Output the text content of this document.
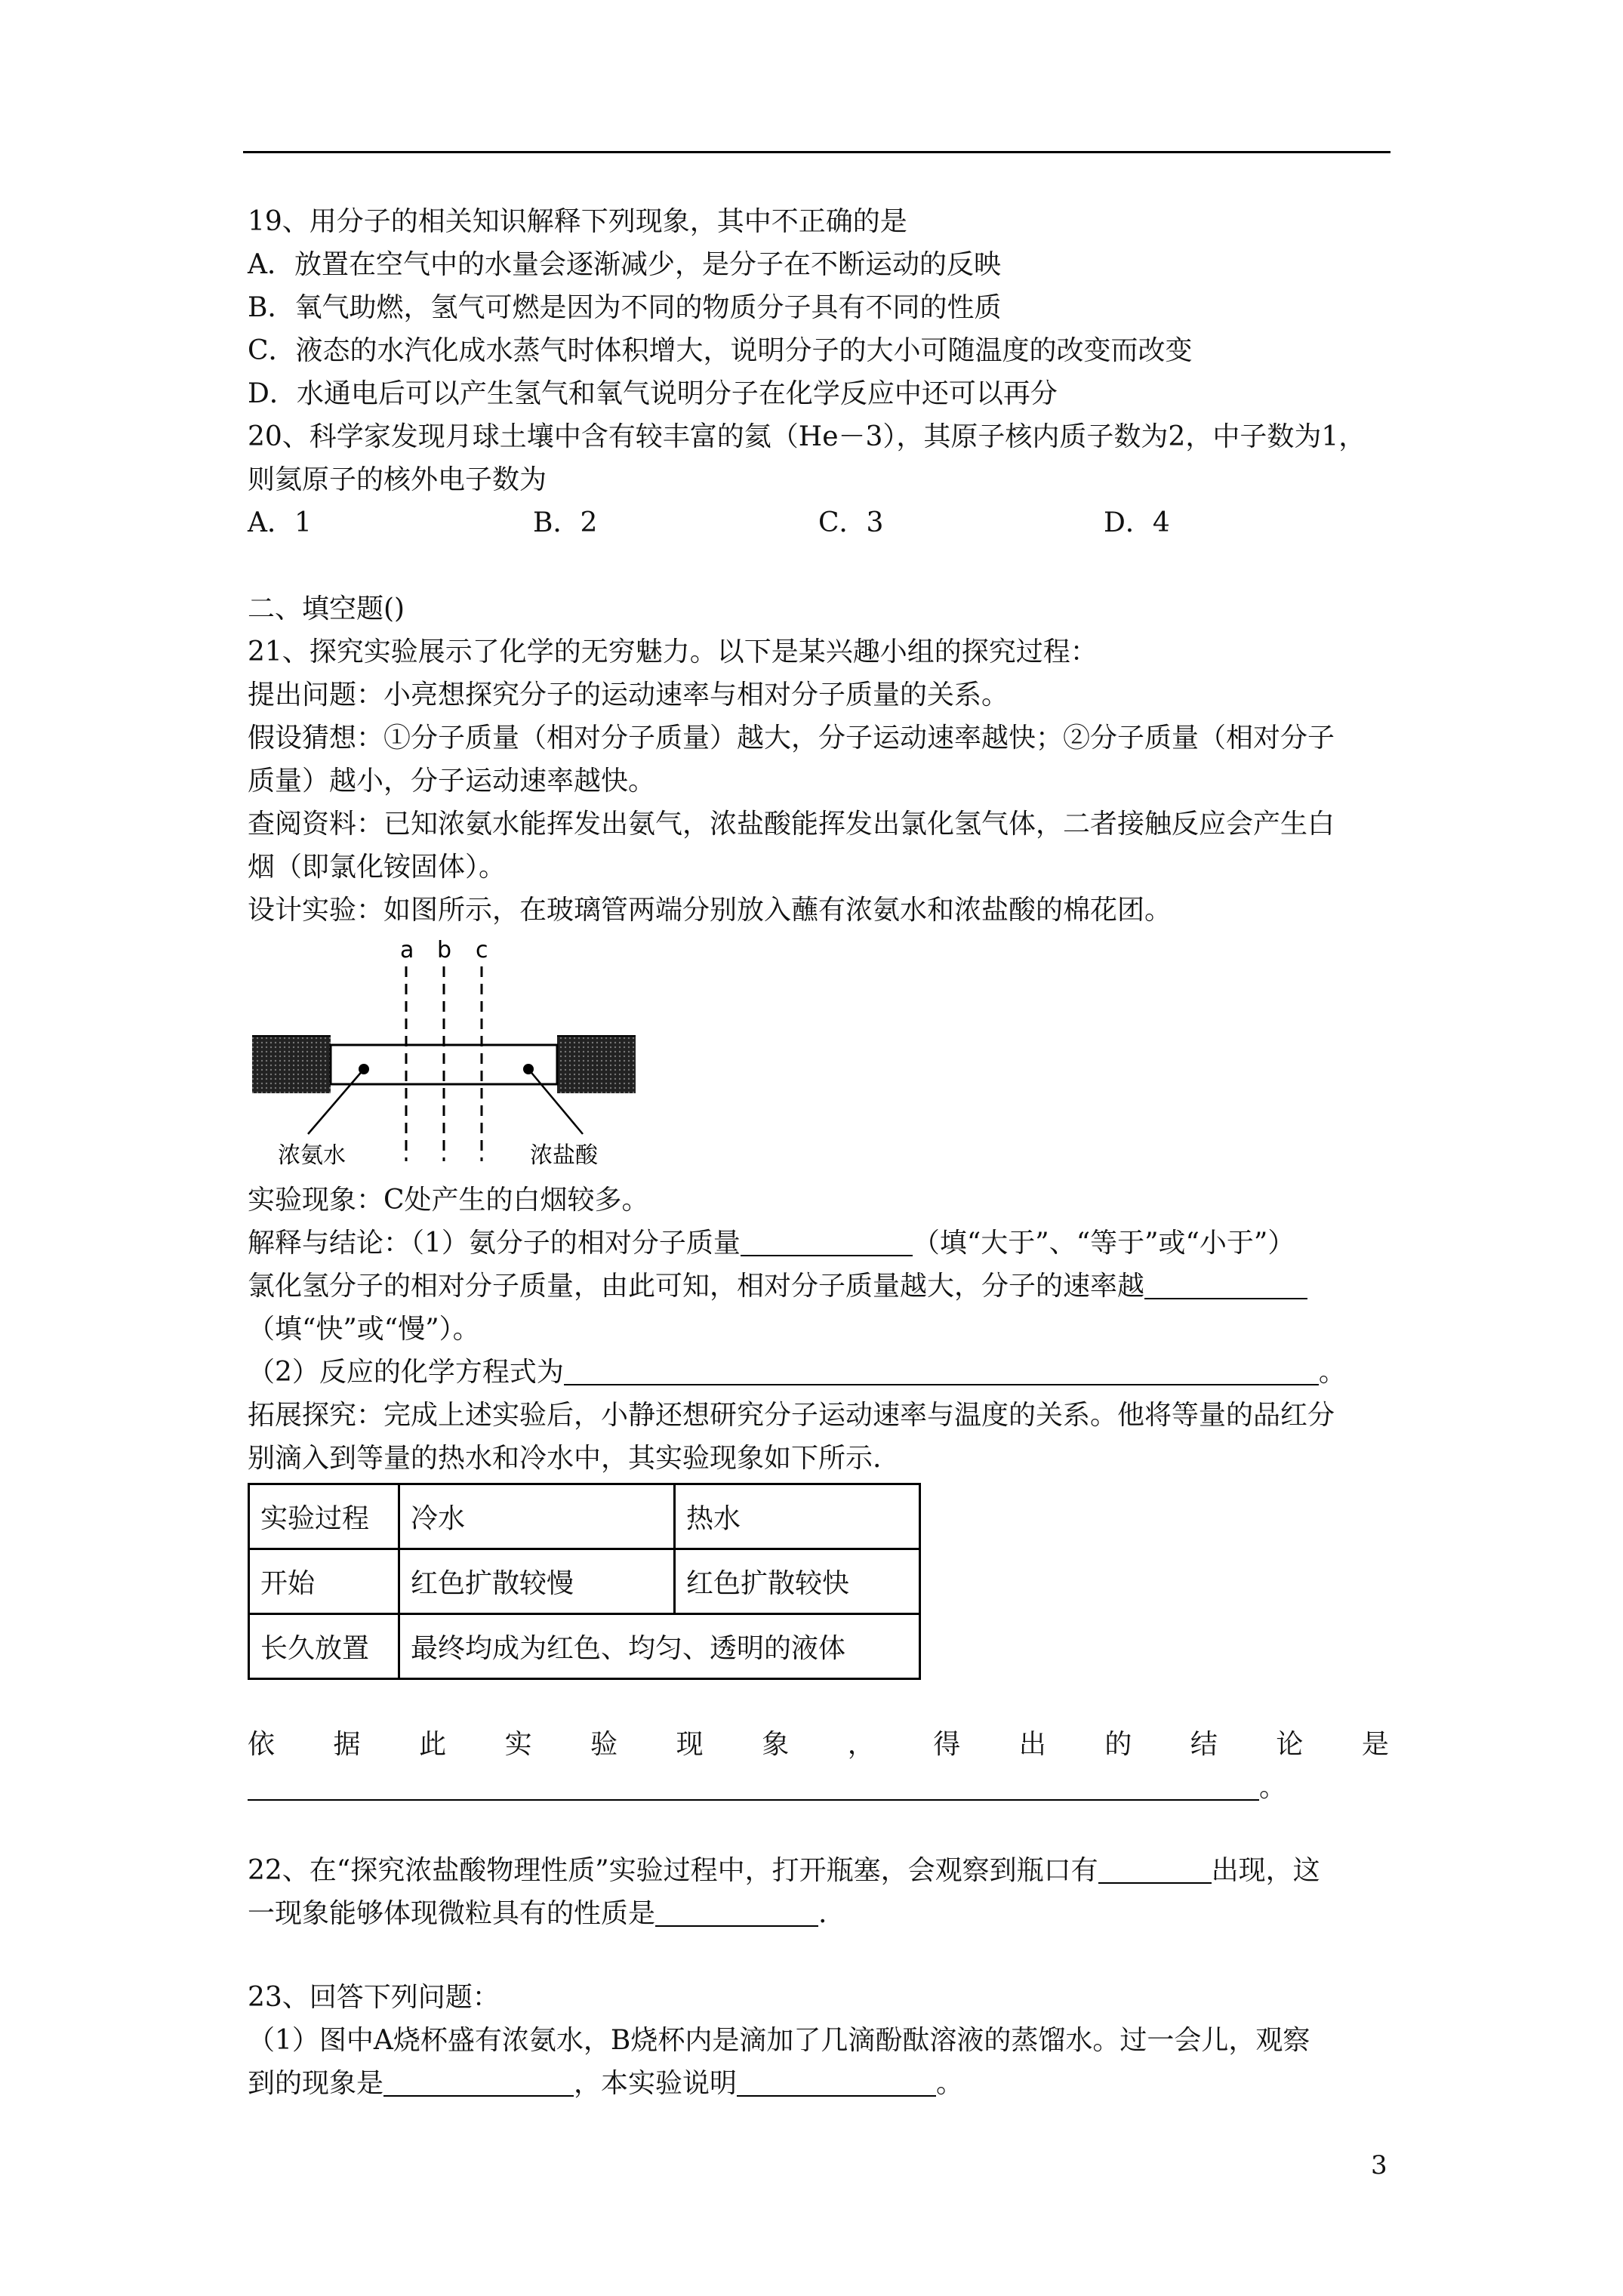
19、用分子的相关知识解释下列现象，其中不正确的是
A．放置在空气中的水量会逐渐减少，是分子在不断运动的反映
B．氧气助燃，氢气可燃是因为不同的物质分子具有不同的性质
C．液态的水汽化成水蒸气时体积增大，说明分子的大小可随温度的改变而改变
D．水通电后可以产生氢气和氧气说明分子在化学反应中还可以再分
20、科学家发现月球土壤中含有较丰富的氦（He－3），其原子核内质子数为2，中子数为1，
则氦原子的核外电子数为
A．1	B．2	C．3	D．4
二、填空题()
21、探究实验展示了化学的无穷魅力。以下是某兴趣小组的探究过程：
提出问题：小亮想探究分子的运动速率与相对分子质量的关系。
假设猜想：①分子质量（相对分子质量）越大，分子运动速率越快；②分子质量（相对分子
质量）越小，分子运动速率越快。
查阅资料：已知浓氨水能挥发出氨气，浓盐酸能挥发出氯化氢气体，二者接触反应会产生白
烟（即氯化铵固体）。
设计实验：如图所示，在玻璃管两端分别放入蘸有浓氨水和浓盐酸的棉花团。
a b c
浓氨水	浓盐酸
实验现象：C处产生的白烟较多。
解释与结论：（1）氨分子的相对分子质量	（填“大于”、“等于”或“小于”）
氯化氢分子的相对分子质量，由此可知，相对分子质量越大，分子的速率越
（填“快”或“慢”）。
（2）反应的化学方程式为	。
拓展探究：完成上述实验后，小静还想研究分子运动速率与温度的关系。他将等量的品红分
别滴入到等量的热水和冷水中，其实验现象如下所示.
实验过程	冷水	热水
开始	红色扩散较慢	红色扩散较快
长久放置	最终均成为红色、均匀、透明的液体	
依 据 此 实 验 现 象 ， 得 出 的 结 论 是
。
22、在“探究浓盐酸物理性质”实验过程中，打开瓶塞，会观察到瓶口有	出现，这
一现象能够体现微粒具有的性质是	.
23、回答下列问题：
（1）图中A烧杯盛有浓氨水，B烧杯内是滴加了几滴酚酞溶液的蒸馏水。过一会儿，观察
到的现象是	，本实验说明	。
3
